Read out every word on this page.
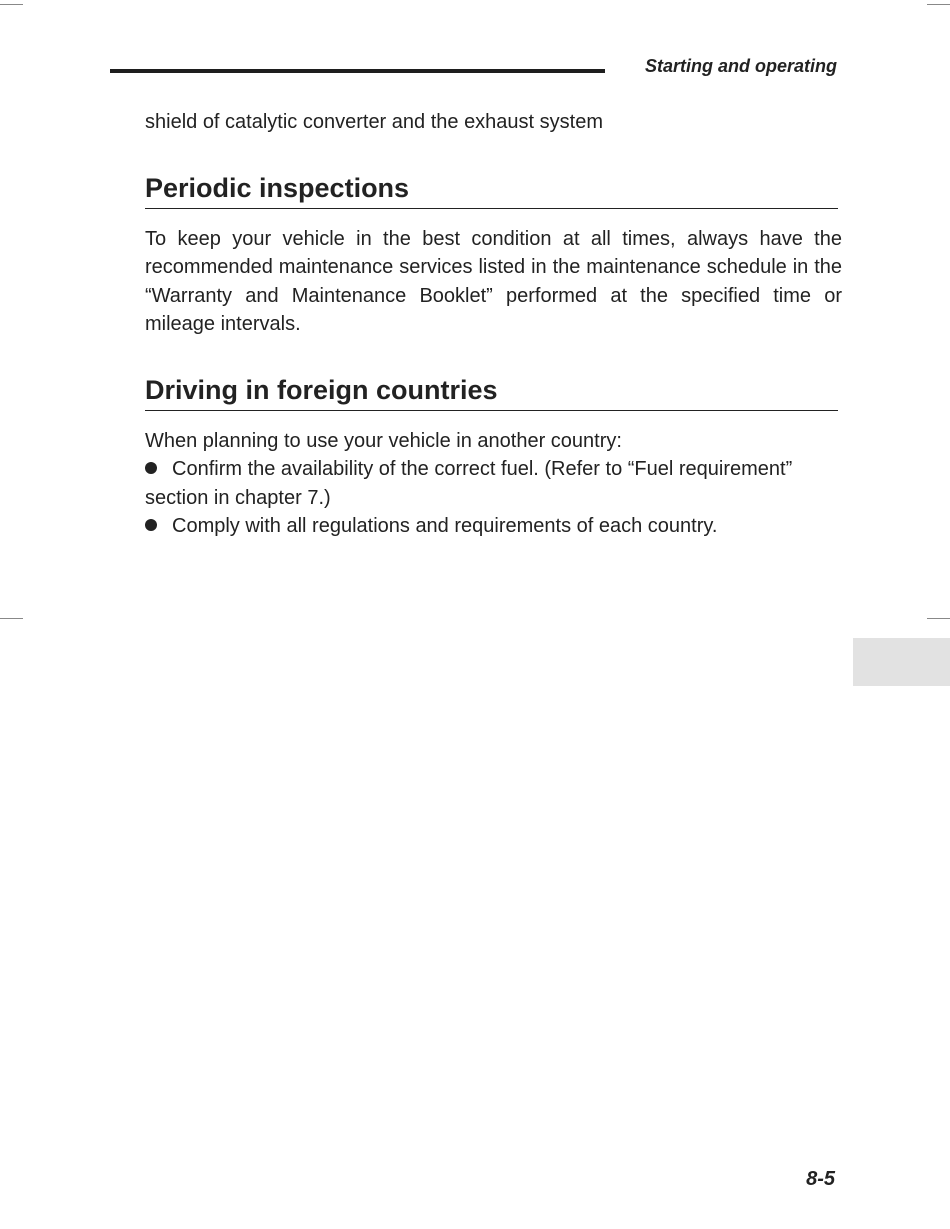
Starting and operating

shield of catalytic converter and the exhaust system

Periodic inspections

To keep your vehicle in the best condition at all times, always have the recommended maintenance services listed in the maintenance schedule in the “Warranty and Maintenance Booklet” performed at the specified time or mileage intervals.

Driving in foreign countries

When planning to use your vehicle in another country:

Confirm the availability of the correct fuel. (Refer to “Fuel requirement” section in chapter 7.)
Comply with all regulations and requirements of each country.
8-5
